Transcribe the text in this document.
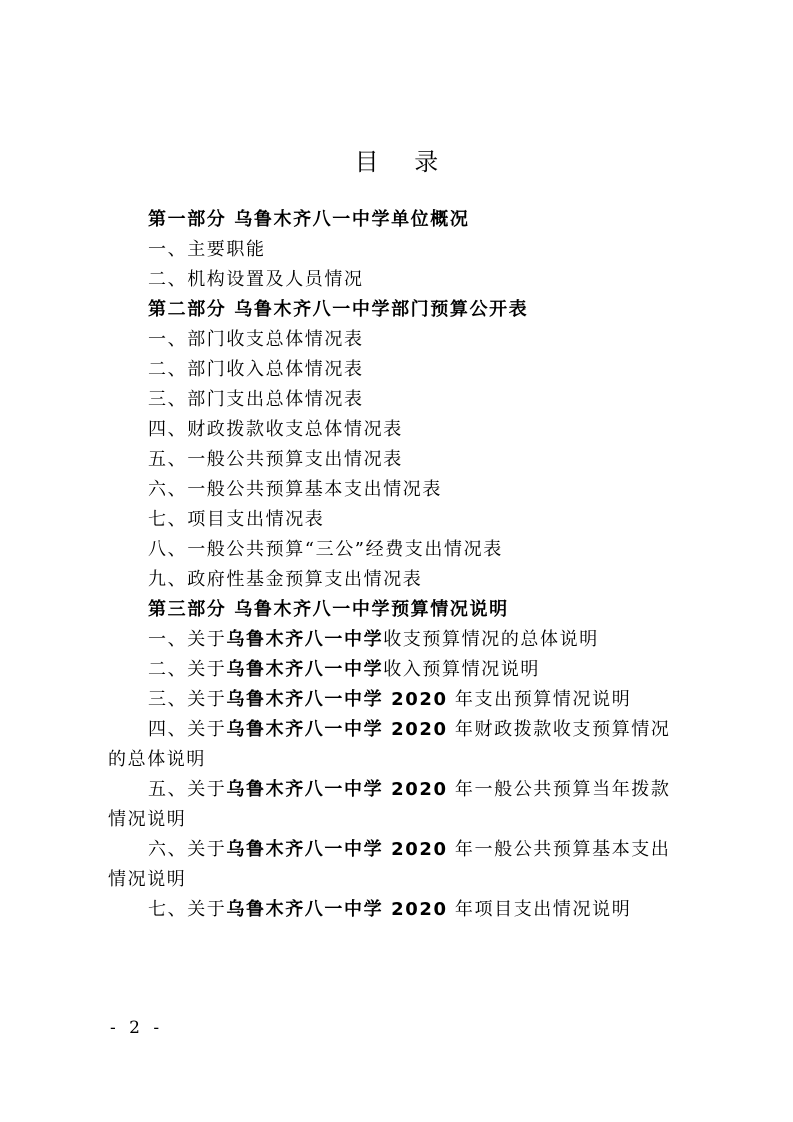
目 录
第一部分 乌鲁木齐八一中学单位概况
一、主要职能
二、机构设置及人员情况
第二部分 乌鲁木齐八一中学部门预算公开表
一、部门收支总体情况表
二、部门收入总体情况表
三、部门支出总体情况表
四、财政拨款收支总体情况表
五、一般公共预算支出情况表
六、一般公共预算基本支出情况表
七、项目支出情况表
八、一般公共预算“三公”经费支出情况表
九、政府性基金预算支出情况表
第三部分 乌鲁木齐八一中学预算情况说明
一、关于乌鲁木齐八一中学收支预算情况的总体说明
二、关于乌鲁木齐八一中学收入预算情况说明
三、关于乌鲁木齐八一中学 2020 年支出预算情况说明
四、关于乌鲁木齐八一中学 2020 年财政拨款收支预算情况
的总体说明
五、关于乌鲁木齐八一中学 2020 年一般公共预算当年拨款
情况说明
六、关于乌鲁木齐八一中学 2020 年一般公共预算基本支出
情况说明
七、关于乌鲁木齐八一中学 2020 年项目支出情况说明
- 2 -
